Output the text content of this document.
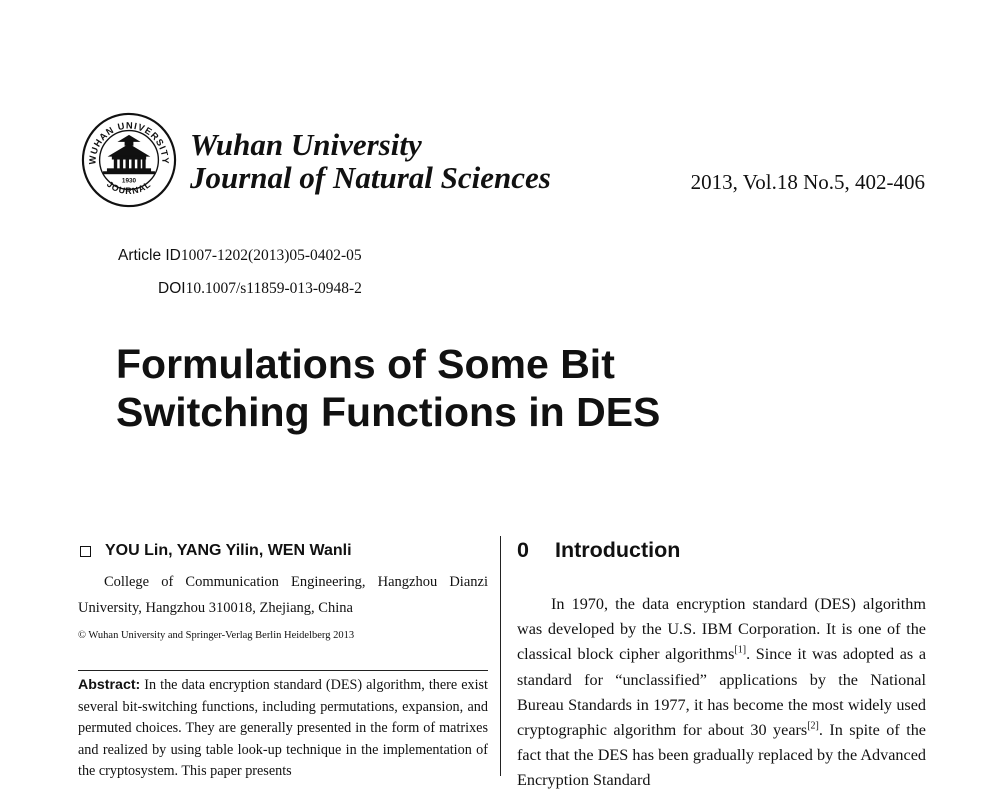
WUHAN UNIVERSITY
JOURNAL
1930
Wuhan University
Journal of Natural Sciences	2013, Vol.18 No.5, 402-406
Article ID1007-1202(2013)05-0402-05
DOI10.1007/s11859-013-0948-2
Formulations of Some Bit
Switching Functions in DES
YOU Lin, YANG Yilin, WEN Wanli
College of Communication Engineering, Hangzhou Dianzi University, Hangzhou 310018, Zhejiang, China
© Wuhan University and Springer-Verlag Berlin Heidelberg 2013
Abstract: In the data encryption standard (DES) algorithm, there exist several bit-switching functions, including permutations, expansion, and permuted choices. They are generally presented in the form of matrixes and realized by using table look-up technique in the implementation of the cryptosystem. This paper presents
0 Introduction
In 1970, the data encryption standard (DES) algorithm was developed by the U.S. IBM Corporation. It is one of the classical block cipher algorithms[1]. Since it was adopted as a standard for “unclassified” applications by the National Bureau Standards in 1977, it has become the most widely used cryptographic algorithm for about 30 years[2]. In spite of the fact that the DES has been gradually replaced by the Advanced Encryption Standard
